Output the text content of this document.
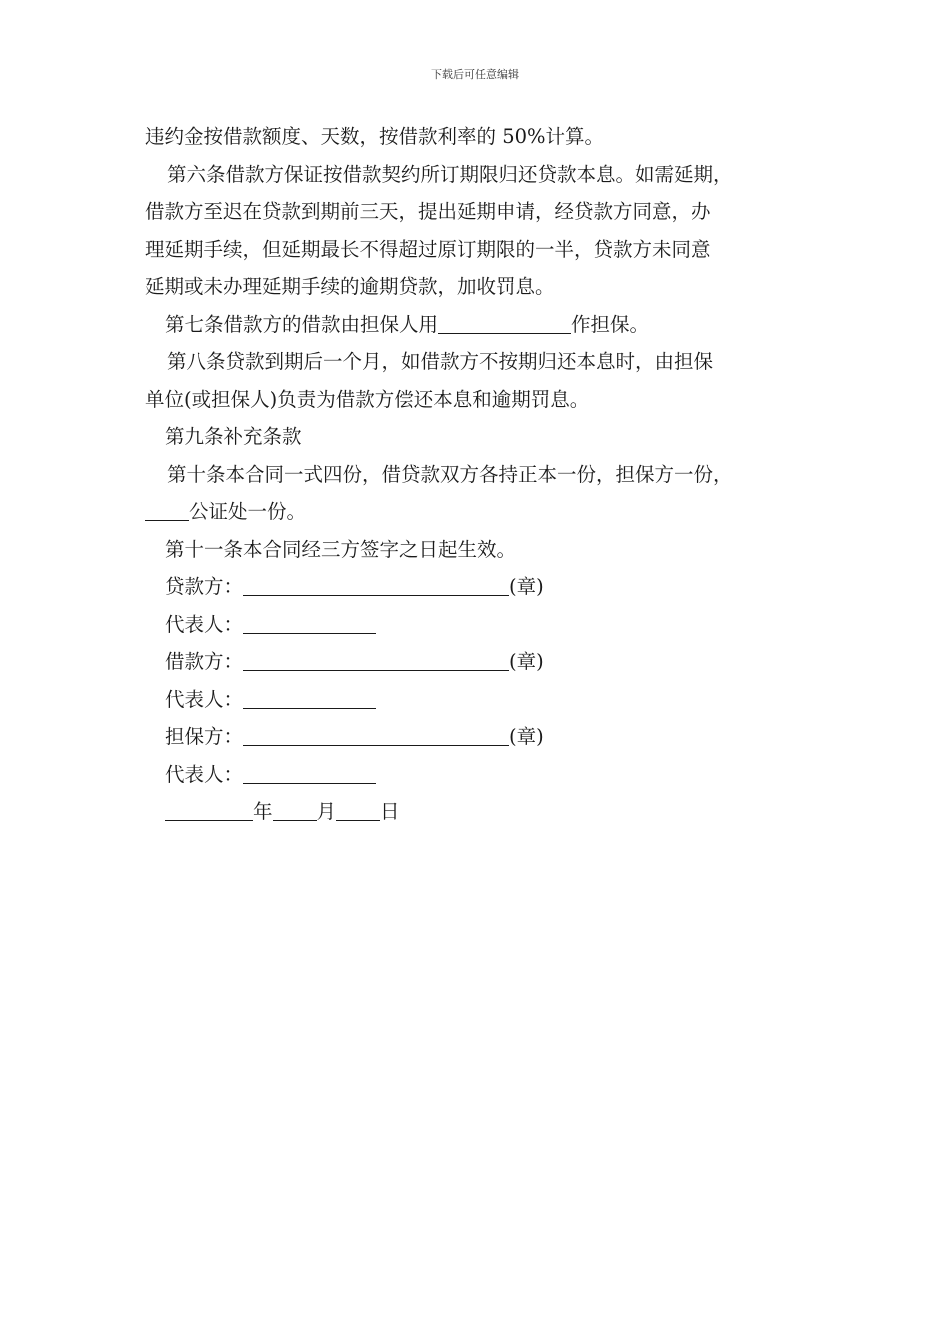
下载后可任意编辑
违约金按借款额度、天数，按借款利率的 50%计算。
第六条借款方保证按借款契约所订期限归还贷款本息。如需延期，
借款方至迟在贷款到期前三天，提出延期申请，经贷款方同意，办
理延期手续，但延期最长不得超过原订期限的一半，贷款方未同意
延期或未办理延期手续的逾期贷款，加收罚息。
第七条借款方的借款由担保人用	作担保。
第八条贷款到期后一个月，如借款方不按期归还本息时，由担保
单位(或担保人)负责为借款方偿还本息和逾期罚息。
第九条补充条款
第十条本合同一式四份，借贷款双方各持正本一份，担保方一份，
公证处一份。
第十一条本合同经三方签字之日起生效。
贷款方：	(章)
代表人：
借款方：	(章)
代表人：
担保方：	(章)
代表人：
年 月 日
